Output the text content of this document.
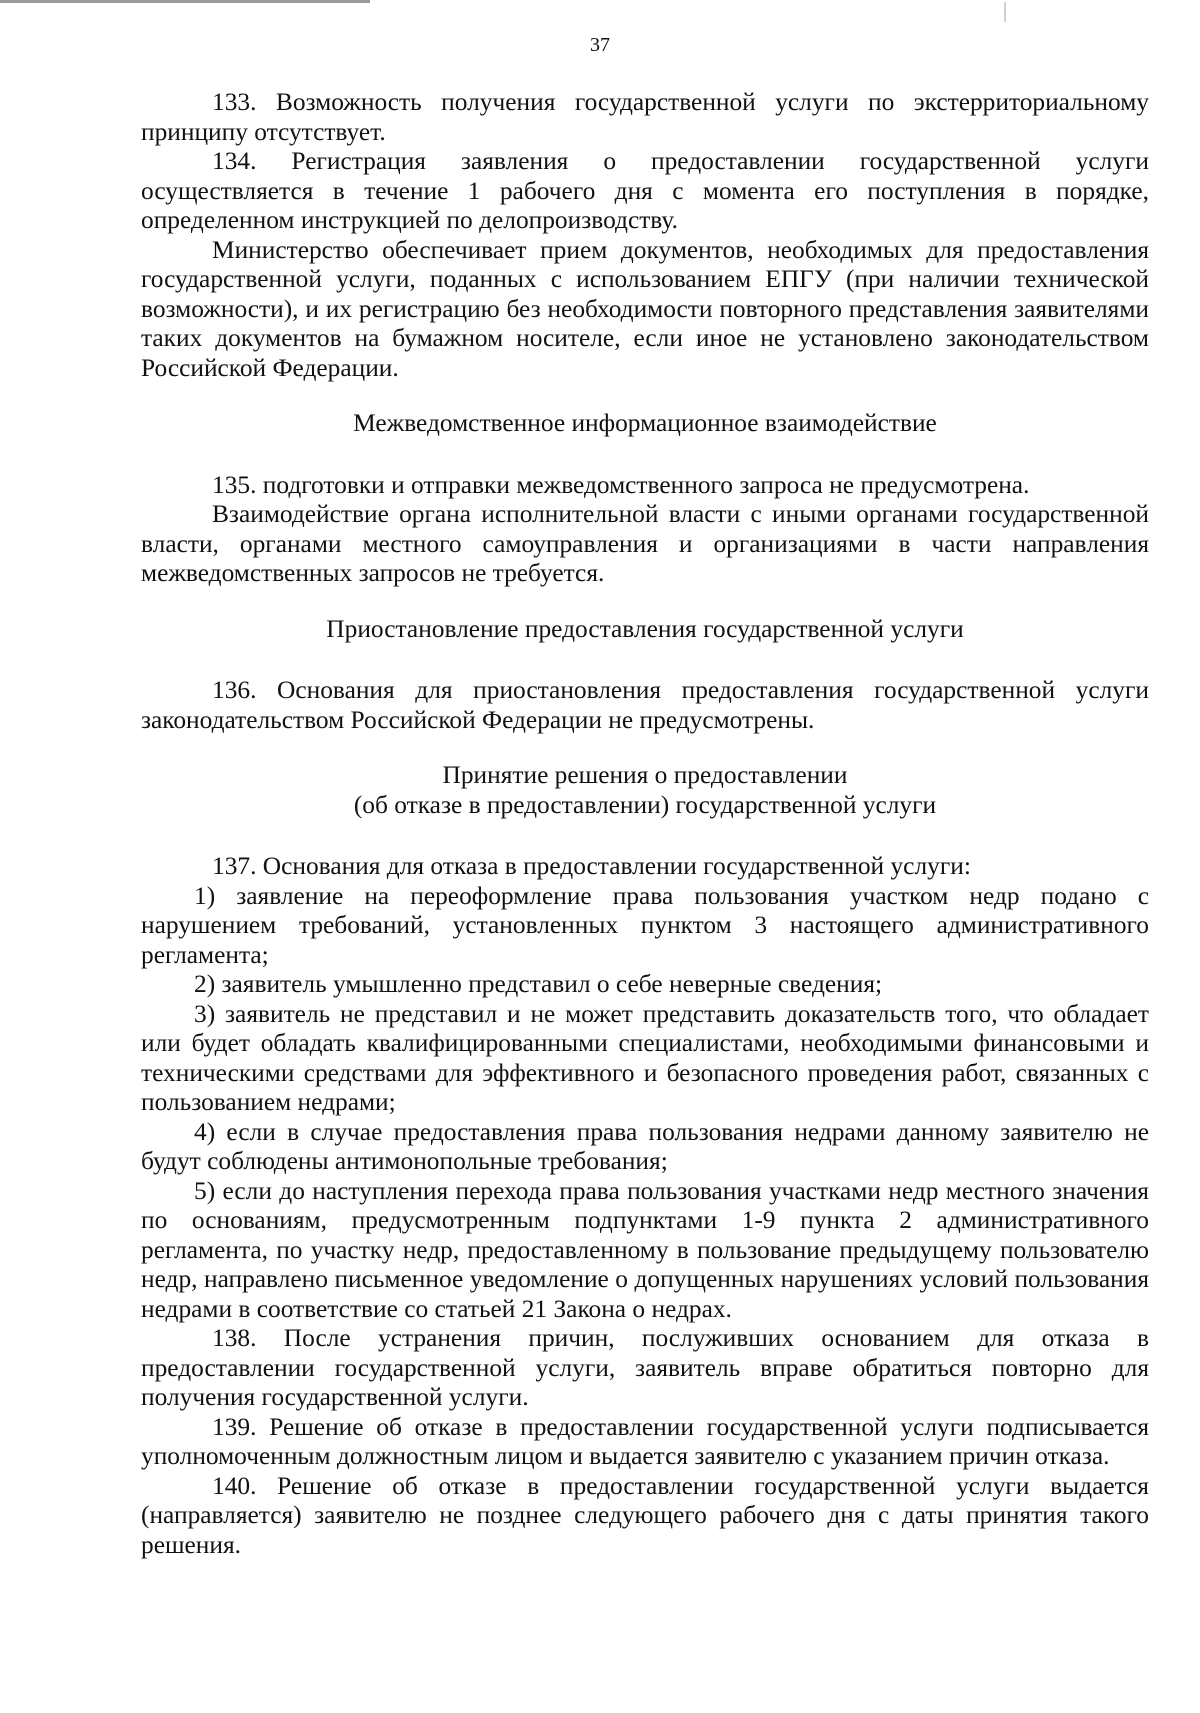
37

133. Возможность получения государственной услуги по экстерриториальному принципу отсутствует.

134. Регистрация заявления о предоставлении государственной услуги осуществляется в течение 1 рабочего дня с момента его поступления в порядке, определенном инструкцией по делопроизводству.

Министерство обеспечивает прием документов, необходимых для предоставления государственной услуги, поданных с использованием ЕПГУ (при наличии технической возможности), и их регистрацию без необходимости повторного представления заявителями таких документов на бумажном носителе, если иное не установлено законодательством Российской Федерации.

Межведомственное информационное взаимодействие

135. подготовки и отправки межведомственного запроса не предусмотрена.

Взаимодействие органа исполнительной власти с иными органами государственной власти, органами местного самоуправления и организациями в части направления межведомственных запросов не требуется.

Приостановление предоставления государственной услуги

136. Основания для приостановления предоставления государственной услуги законодательством Российской Федерации не предусмотрены.

Принятие решения о предоставлении
(об отказе в предоставлении) государственной услуги

137. Основания для отказа в предоставлении государственной услуги:

1) заявление на переоформление права пользования участком недр подано с нарушением требований, установленных пунктом 3 настоящего административного регламента;

2) заявитель умышленно представил о себе неверные сведения;

3) заявитель не представил и не может представить доказательств того, что обладает или будет обладать квалифицированными специалистами, необходимыми финансовыми и техническими средствами для эффективного и безопасного проведения работ, связанных с пользованием недрами;

4) если в случае предоставления права пользования недрами данному заявителю не будут соблюдены антимонопольные требования;

5) если до наступления перехода права пользования участками недр местного значения по основаниям, предусмотренным подпунктами 1-9 пункта 2 административного регламента, по участку недр, предоставленному в пользование предыдущему пользователю недр, направлено письменное уведомление о допущенных нарушениях условий пользования недрами в соответствие со статьей 21 Закона о недрах.

138. После устранения причин, послуживших основанием для отказа в предоставлении государственной услуги, заявитель вправе обратиться повторно для получения государственной услуги.

139. Решение об отказе в предоставлении государственной услуги подписывается уполномоченным должностным лицом и выдается заявителю с указанием причин отказа.

140. Решение об отказе в предоставлении государственной услуги выдается (направляется) заявителю не позднее следующего рабочего дня с даты принятия такого решения.
